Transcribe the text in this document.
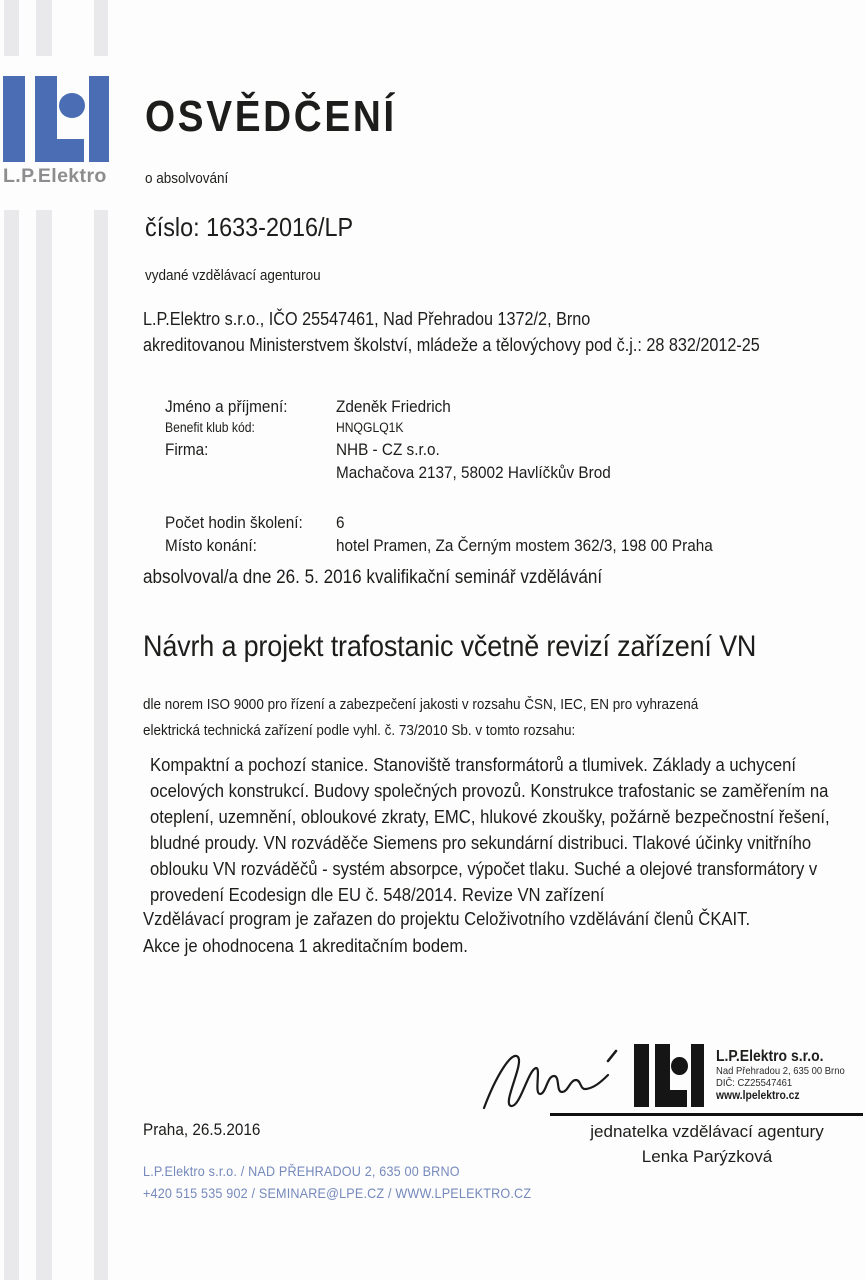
L.P.Elektro
OSVĚDČENÍ
o absolvování
číslo: 1633-2016/LP
vydané vzdělávací agenturou
L.P.Elektro s.r.o., IČO 25547461, Nad Přehradou 1372/2, Brno
akreditovanou Ministerstvem školství, mládeže a tělovýchovy pod č.j.: 28 832/2012-25
Jméno a příjmení:	Zdeněk Friedrich
Benefit klub kód:	HNQGLQ1K
Firma:	NHB - CZ s.r.o.
Machačova 2137, 58002 Havlíčkův Brod
Počet hodin školení:	6
Místo konání:	hotel Pramen, Za Černým mostem 362/3, 198 00 Praha
absolvoval/a dne 26. 5. 2016 kvalifikační seminář vzdělávání
Návrh a projekt trafostanic včetně revizí zařízení VN
dle norem ISO 9000 pro řízení a zabezpečení jakosti v rozsahu ČSN, IEC, EN pro vyhrazená
elektrická technická zařízení podle vyhl. č. 73/2010 Sb. v tomto rozsahu:
Kompaktní a pochozí stanice. Stanoviště transformátorů a tlumivek. Základy a uchycení ocelových konstrukcí. Budovy společných provozů. Konstrukce trafostanic se zaměřením na oteplení, uzemnění, obloukové zkraty, EMC, hlukové zkoušky, požárně bezpečnostní řešení, bludné proudy. VN rozváděče Siemens pro sekundární distribuci. Tlakové účinky vnitřního oblouku VN rozváděčů - systém absorpce, výpočet tlaku. Suché a olejové transformátory v provedení Ecodesign dle EU č. 548/2014. Revize VN zařízení
Vzdělávací program je zařazen do projektu Celoživotního vzdělávání členů ČKAIT.
Akce je ohodnocena 1 akreditačním bodem.
L.P.Elektro s.r.o.
Nad Přehradou 2, 635 00 Brno
DIČ: CZ25547461
www.lpelektro.cz
jednatelka vzdělávací agentury
Lenka Parýzková
Praha, 26.5.2016
L.P.Elektro s.r.o. / NAD PŘEHRADOU 2, 635 00 BRNO
+420 515 535 902 / SEMINARE@LPE.CZ / WWW.LPELEKTRO.CZ
